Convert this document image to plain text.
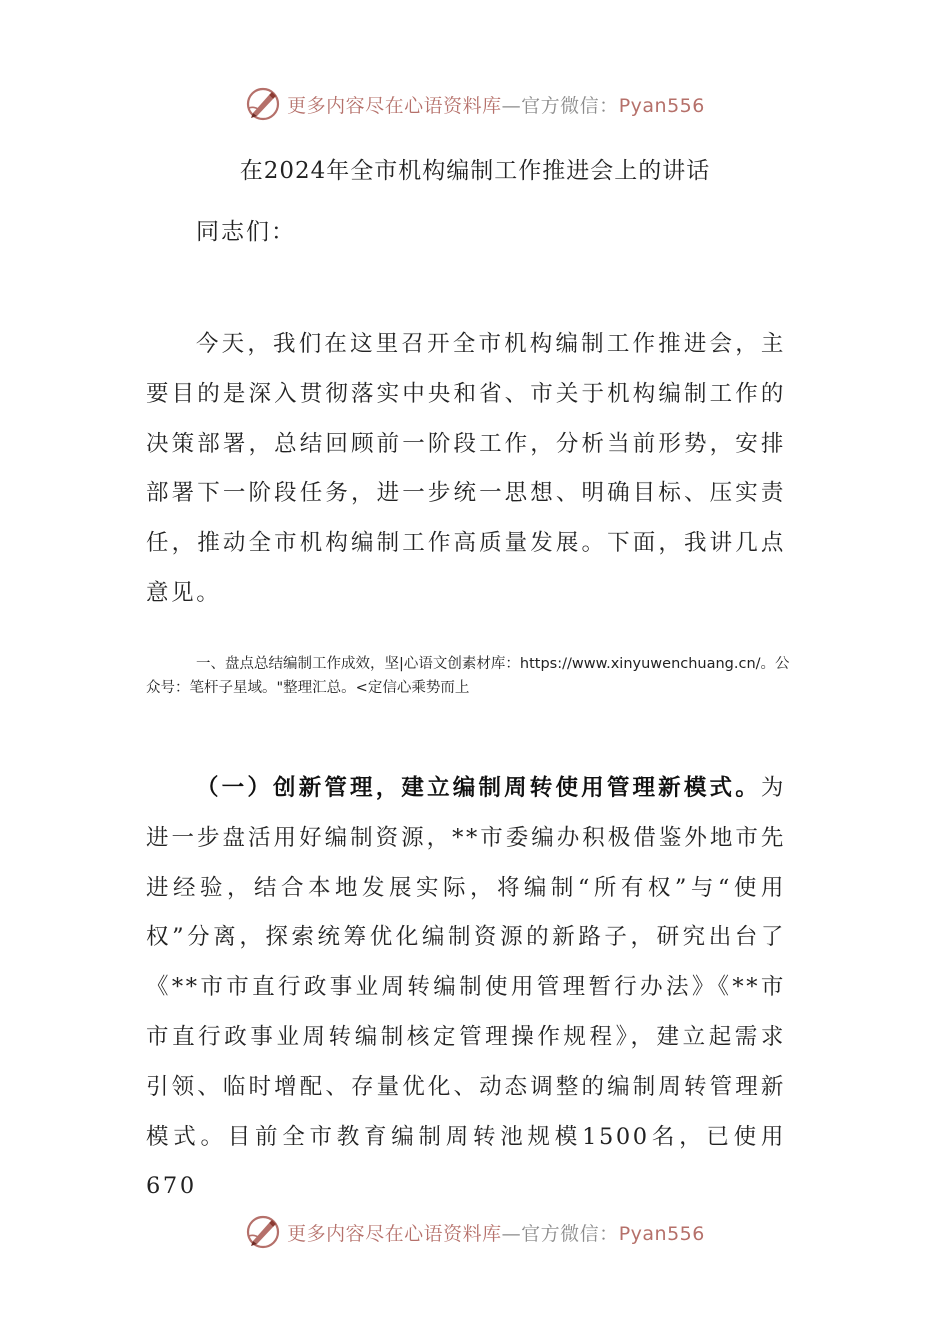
更多内容尽在心语资料库—官方微信：Pyan556
在2024年全市机构编制工作推进会上的讲话

同志们：

今天，我们在这里召开全市机构编制工作推进会，主要目的是深入贯彻落实中央和省、市关于机构编制工作的决策部署，总结回顾前一阶段工作，分析当前形势，安排部署下一阶段任务，进一步统一思想、明确目标、压实责任，推动全市机构编制工作高质量发展。下面，我讲几点意见。

一、盘点总结编制工作成效，坚|心语文创素材库：https://www.xinyuwenchuang.cn/。公众号：笔杆子星域。"整理汇总。<定信心乘势而上

（一）创新管理，建立编制周转使用管理新模式。为进一步盘活用好编制资源，**市委编办积极借鉴外地市先进经验，结合本地发展实际，将编制“所有权”与“使用权”分离，探索统筹优化编制资源的新路子，研究出台了《**市市直行政事业周转编制使用管理暂行办法》《**市市直行政事业周转编制核定管理操作规程》，建立起需求引领、临时增配、存量优化、动态调整的编制周转管理新模式。目前全市教育编制周转池规模1500名，已使用670

更多内容尽在心语资料库—官方微信：Pyan556
